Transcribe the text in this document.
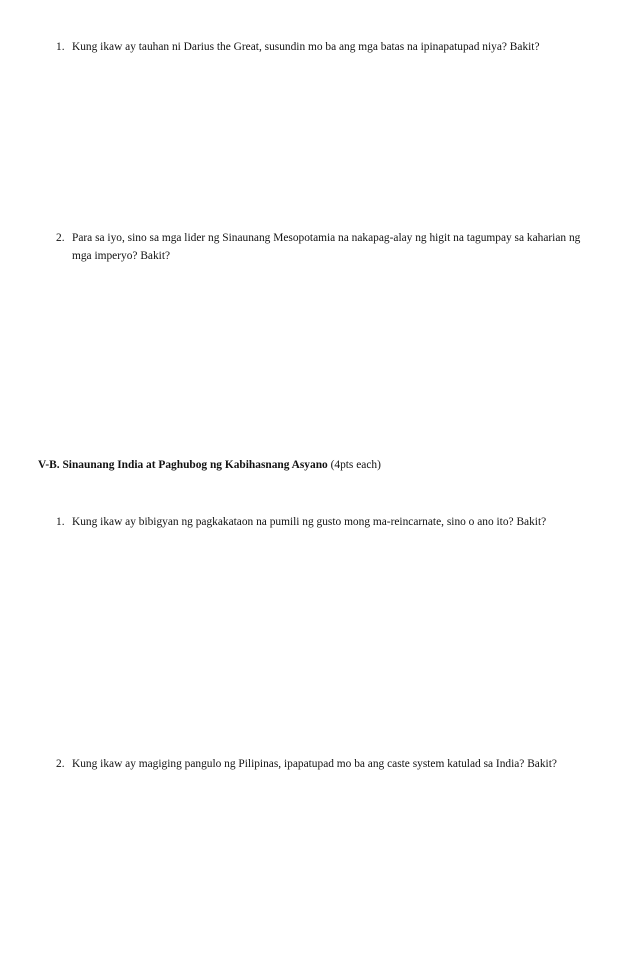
1. Kung ikaw ay tauhan ni Darius the Great, susundin mo ba ang mga batas na ipinapatupad niya? Bakit?
2. Para sa iyo, sino sa mga lider ng Sinaunang Mesopotamia na nakapag-alay ng higit na tagumpay sa kaharian ng mga imperyo? Bakit?
V-B. Sinaunang India at Paghubog ng Kabihasnang Asyano (4pts each)
1. Kung ikaw ay bibigyan ng pagkakataon na pumili ng gusto mong ma-reincarnate, sino o ano ito? Bakit?
2. Kung ikaw ay magiging pangulo ng Pilipinas, ipapatupad mo ba ang caste system katulad sa India? Bakit?
